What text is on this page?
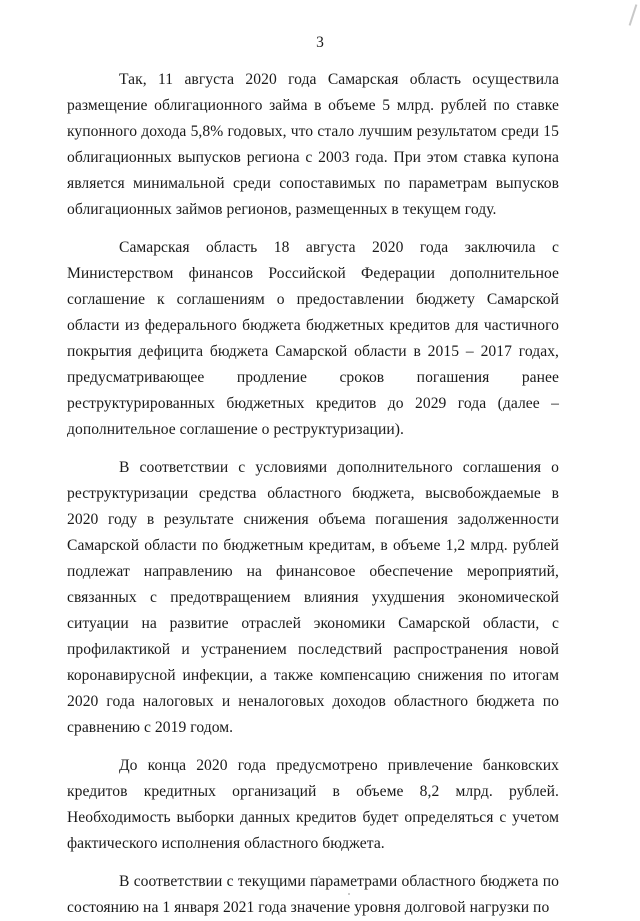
3

Так, 11 августа 2020 года Самарская область осуществила размещение облигационного займа в объеме 5 млрд. рублей по ставке купонного дохода 5,8% годовых, что стало лучшим результатом среди 15 облигационных выпусков региона с 2003 года. При этом ставка купона является минимальной среди сопоставимых по параметрам выпусков облигационных займов регионов, размещенных в текущем году.

Самарская область 18 августа 2020 года заключила с Министерством финансов Российской Федерации дополнительное соглашение к соглашениям о предоставлении бюджету Самарской области из федерального бюджета бюджетных кредитов для частичного покрытия дефицита бюджета Самарской области в 2015 – 2017 годах, предусматривающее продление сроков погашения ранее реструктурированных бюджетных кредитов до 2029 года (далее – дополнительное соглашение о реструктуризации).

В соответствии с условиями дополнительного соглашения о реструктуризации средства областного бюджета, высвобождаемые в 2020 году в результате снижения объема погашения задолженности Самарской области по бюджетным кредитам, в объеме 1,2 млрд. рублей подлежат направлению на финансовое обеспечение мероприятий, связанных с предотвращением влияния ухудшения экономической ситуации на развитие отраслей экономики Самарской области, с профилактикой и устранением последствий распространения новой коронавирусной инфекции, а также компенсацию снижения по итогам 2020 года налоговых и неналоговых доходов областного бюджета по сравнению с 2019 годом.

До конца 2020 года предусмотрено привлечение банковских кредитов кредитных организаций в объеме 8,2 млрд. рублей. Необходимость выборки данных кредитов будет определяться с учетом фактического исполнения областного бюджета.

В соответствии с текущими параметрами областного бюджета по состоянию на 1 января 2021 года значение уровня долговой нагрузки по
